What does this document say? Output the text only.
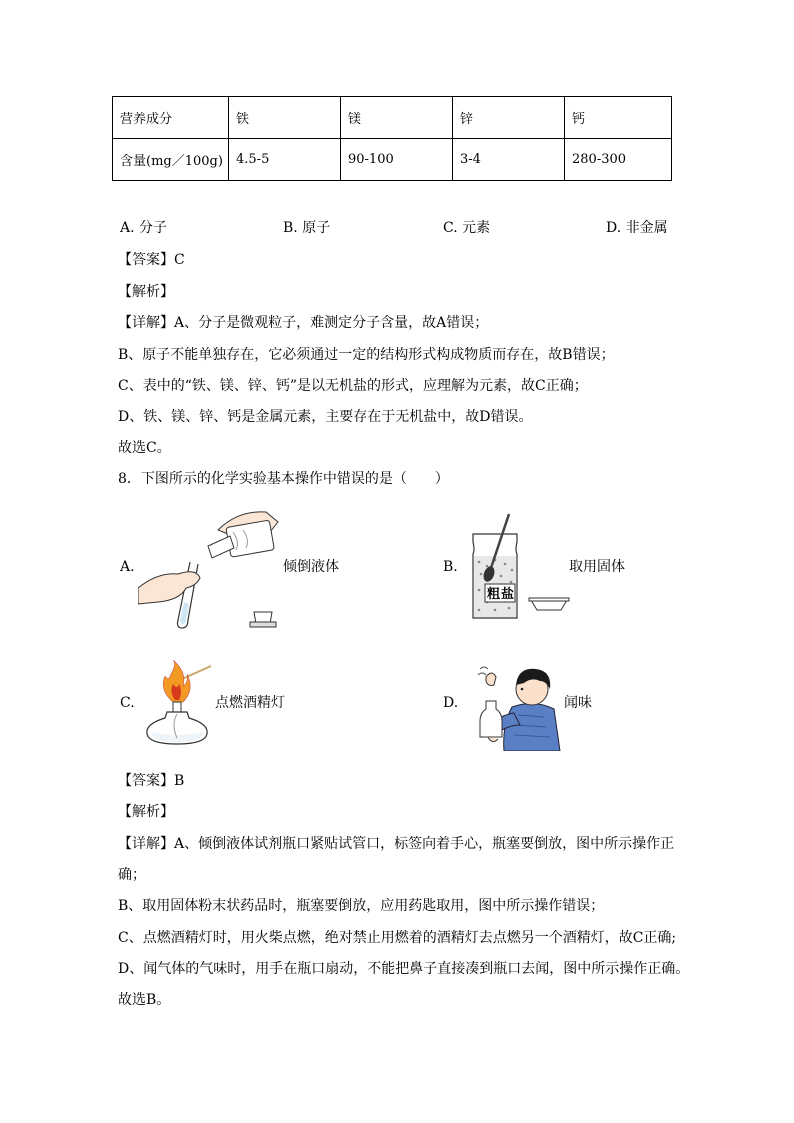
营养成分	铁	镁	锌	钙
含量(mg／100g)	4.5-5	90-100	3-4	280-300
A. 分子	B. 原子	C. 元素	D. 非金属
【答案】C
【解析】
【详解】A、分子是微观粒子，难测定分子含量，故A错误；
B、原子不能单独存在，它必须通过一定的结构形式构成物质而存在，故B错误；
C、表中的“铁、镁、锌、钙”是以无机盐的形式，应理解为元素，故C正确；
D、铁、镁、锌、钙是金属元素，主要存在于无机盐中，故D错误。
故选C。
8．下图所示的化学实验基本操作中错误的是（　　）
A.	倾倒液体	B.
粗盐
取用固体
C.	点燃酒精灯	D.	闻味
【答案】B
【解析】
【详解】A、倾倒液体试剂瓶口紧贴试管口，标签向着手心，瓶塞要倒放，图中所示操作正
确；
B、取用固体粉末状药品时，瓶塞要倒放，应用药匙取用，图中所示操作错误；
C、点燃酒精灯时，用火柴点燃，绝对禁止用燃着的酒精灯去点燃另一个酒精灯，故C正确;
D、闻气体的气味时，用手在瓶口扇动，不能把鼻子直接凑到瓶口去闻，图中所示操作正确。
故选B。
